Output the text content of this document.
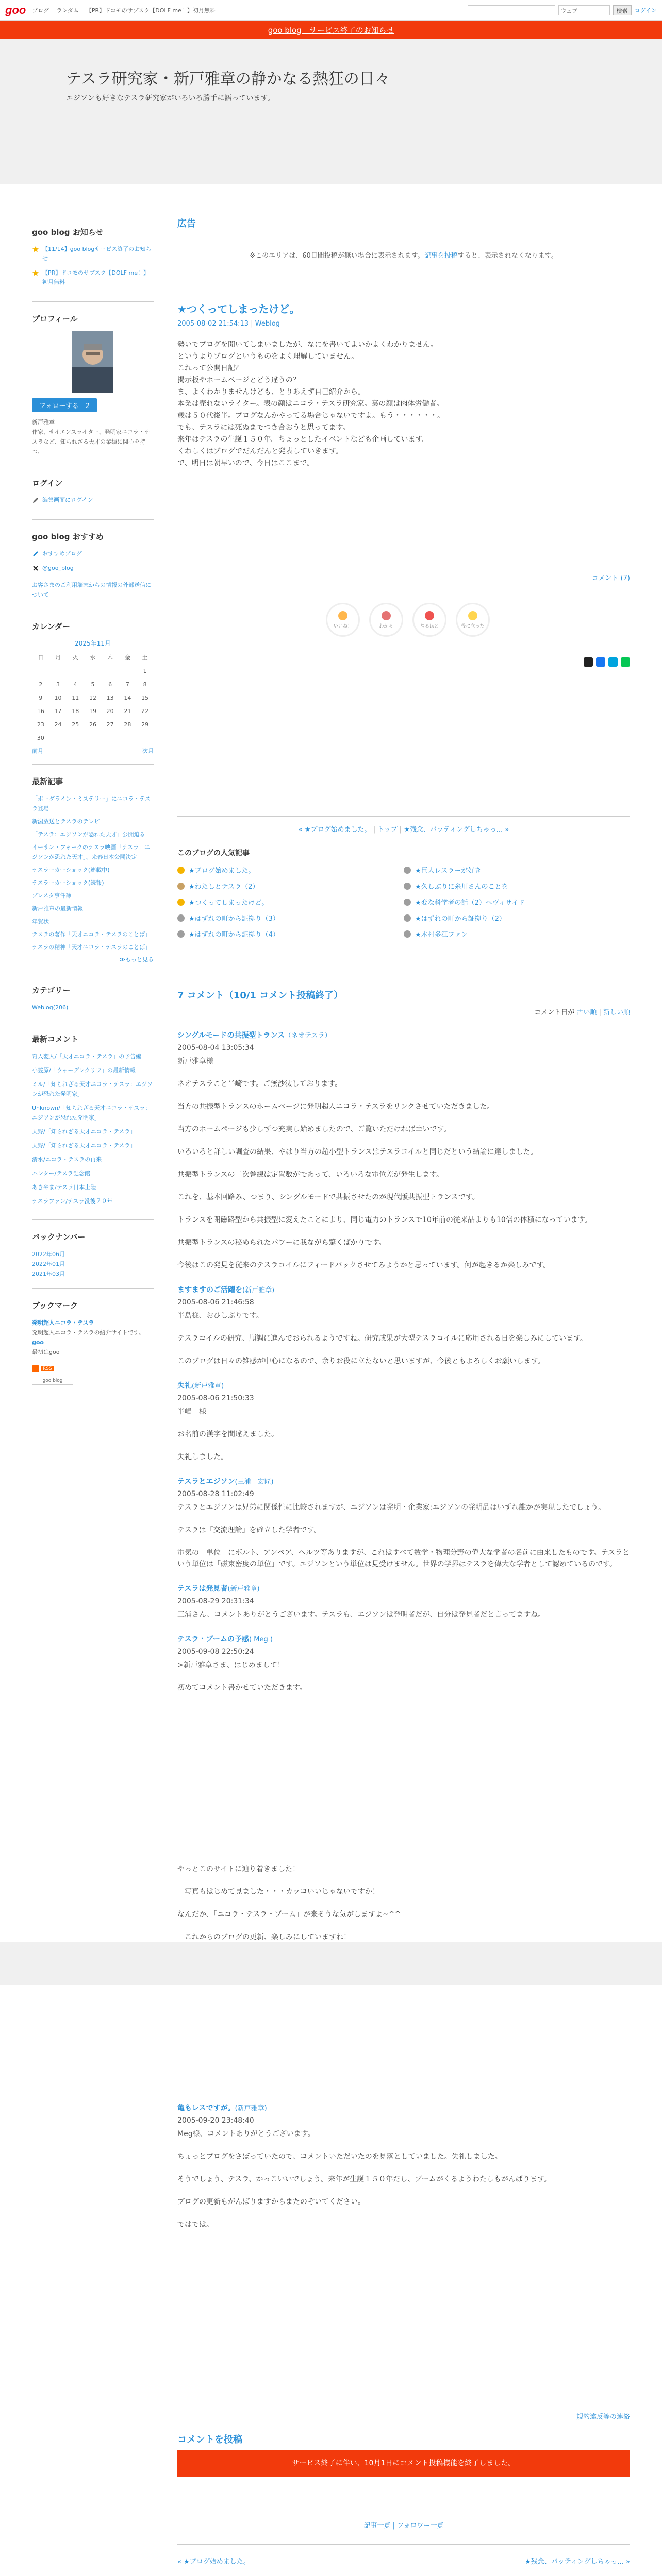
goo ブログ ランダム 【PR】ドコモのサブスク【DOLF me！】初月無料	ウェブ	検索	ログイン
goo blog　サービス終了のお知らせ
テスラ研究家・新戸雅章の静かなる熱狂の日々
エジソンも好きなテスラ研究家がいろいろ勝手に語っています。
goo blog お知らせ
【11/14】goo blogサービス終了のお知らせ
【PR】ドコモのサブスク【DOLF me！】初月無料
プロフィール
フォローする　 2
新戸雅章
作家、サイエンスライター、発明家ニコラ・テスラなど、知られざる天才の業績に関心を持つ。
ログイン
編集画面にログイン
goo blog おすすめ
おすすめブログ
@goo_blog
お客さまのご利用端末からの情報の外部送信について
カレンダー
2025年11月
日	月	火	水	木	金	土
						1
2	3	4	5	6	7	8
9	10	11	12	13	14	15
16	17	18	19	20	21	22
23	24	25	26	27	28	29
30						
前月	次月
最新記事
「ボーダライン・ミステリー」にニコラ・テスラ登場
新潟放送とテスラのテレビ
「テスラ：エジソンが恐れた天才」公開迫る
イーサン・フォークのテスラ映画「テスラ：エジソンが恐れた天才」、来春日本公開決定
テスラーカーショック(連載中)
テスラーカーショック(続報)
プレスタ事件簿
新戸雅章の最新情報
年賀状
テスラの著作「天才ニコラ・テスラのことば」
テスラの精神「天才ニコラ・テスラのことば」
≫もっと見る
カテゴリー
Weblog(206)
最新コメント
奇人変人/「天才ニコラ・テスラ」の予告編
小笠原/「ウォーデンクリフ」の最新情報
ミル/「知られざる天才ニコラ・テスラ：エジソンが恐れた発明家」
Unknown/「知られざる天才ニコラ・テスラ：エジソンが恐れた発明家」
天野/「知られざる天才ニコラ・テスラ」
天野/「知られざる天才ニコラ・テスラ」
清水/ニコラ・テスラの再来
ハンター/テスラ記念館
あきやま/テスラ日本上陸
テスラファン/テスラ没後７０年
バックナンバー
2022年06月
2022年01月
2021年03月
ブックマーク
発明超人ニコラ・テスラ
発明超人ニコラ・テスラの紹介サイトです。
goo
最初はgoo
RSS
goo blog
広告
※このエリアは、60日間投稿が無い場合に表示されます。記事を投稿すると、表示されなくなります。
★つくってしまったけど。
2005-08-02 21:54:13 | Weblog
勢いでブログを開いてしまいましたが、なにを書いてよいかよくわかりません。
というよりブログというものをよく理解していません。
これって公開日記？
掲示板やホームページとどう違うの？
ま、よくわかりませんけども、とりあえず自己紹介から。
本業は売れないライター。表の顔はニコラ・テスラ研究家。裏の顔は肉体労働者。
歳は５０代後半。ブログなんかやってる場合じゃないですよ。もう・・・・・・。
でも、テスラには死ぬまでつき合おうと思ってます。
来年はテスラの生誕１５０年。ちょっとしたイベントなども企画しています。
くわしくはブログでだんだんと発表していきます。
で、明日は朝早いので、今日はここまで。
コメント (7)
いいね！	わかる	なるほど	役に立った
« ★ブログ始めました。 | トップ | ★残念、バッティングしちゃっ... »
このブログの人気記事
★ブログ始めました。	★巨人レスラーが好き
★わたしとテスラ（2）	★久しぶりに糸川さんのことを
★つくってしまったけど。	★変な科学者の話（2）ヘヴィサイド
★はずれの町から証拠り（3）	★はずれの町から証拠り（2）
★はずれの町から証拠り（4）	★木村多江ファン
7 コメント（10/1 コメント投稿終了）
コメント日が 古い順 | 新しい順
シングルモードの共振型トランス（ネオテスラ）
2005-08-04 13:05:34
新戸雅章様

ネオテスラこと半崎です。ご無沙汰しております。

当方の共振型トランスのホームページに発明超人ニコラ・テスラをリンクさせていただきました。

当方のホームページも少しずつ充実し始めましたので、ご覧いただければ幸いです。

いろいろと詳しい調査の結果、やはり当方の超小型トランスはテスラコイルと同じだという結論に達しました。

共振型トランスの二次巻線は定置数がであって、いろいろな電位差が発生します。

これを、基本回路み、つまり、シングルモードで共振させたのが現代版共振型トランスです。

トランスを閉磁路型から共振型に変えたことにより、同じ電力のトランスで10年前の従来品よりも10倍の体積になっています。

共振型トランスの秘められたパワーに我ながら驚くばかりです。

今後はこの発見を従来のテスラコイルにフィードバックさせてみようかと思っています。何が起きるか楽しみです。

ますますのご活躍を(新戸雅章)
2005-08-06 21:46:58
半島様、おひしぶりです。

テスラコイルの研究、順調に進んでおられるようですね。研究成果が大型テスラコイルに応用される日を楽しみにしています。

このブログは日々の雑感が中心になるので、余りお役に立たないと思いますが、今後ともよろしくお願いします。

失礼(新戸雅章)
2005-08-06 21:50:33
半嶋　様

お名前の漢字を間違えました。

失礼しました。

テスラとエジソン(三浦　宏匠)
2005-08-28 11:02:49
テスラとエジソンは兄弟に関係性に比較されますが、エジソンは発明・企業家:エジソンの発明品はいずれ誰かが実現したでしょう。

テスラは「交流理論」を確立した学者です。

電気の「単位」にボルト、アンペア、ヘルツ等ありますが、これはすべて数学・物理分野の偉大な学者の名前に由来したものです。テスラという単位は「磁束密度の単位」です。エジソンという単位は見受けません。世界の学界はテスラを偉大な学者として認めているのです。

テスラは発見者(新戸雅章)
2005-08-29 20:31:34
三浦さん、コメントありがとうございます。テスラも、エジソンは発明者だが、自分は発見者だと言ってますね。
テスラ・ブームの予感( Meg )
2005-09-08 22:50:24
>新戸雅章さま、はじめまして！

初めてコメント書かせていただきます。

やっとこのサイトに辿り着きました！

　写真もはじめて見ました・・・カッコいいじゃないですか！

なんだか、「ニコラ・テスラ・ブーム」が来そうな気がしますよ~^^

　これからのブログの更新、楽しみにしていますね！

亀もレスですが。(新戸雅章)
2005-09-20 23:48:40
Meg様、コメントありがとうございます。

ちょっとブログをさぼっていたので、コメントいただいたのを見落としていました。失礼しました。

そうでしょう、テスラ、かっこいいでしょう。来年が生誕１５０年だし、ブームがくるようわたしもがんばります。

ブログの更新もがんばりますからまたのぞいてください。

ではでは。

規約違反等の連絡
コメントを投稿
サービス終了に伴い、10月1日にコメント投稿機能を終了しました。
記事一覧 | フォロワー一覧
« ★ブログ始めました。	★残念、バッティングしちゃっ... »
